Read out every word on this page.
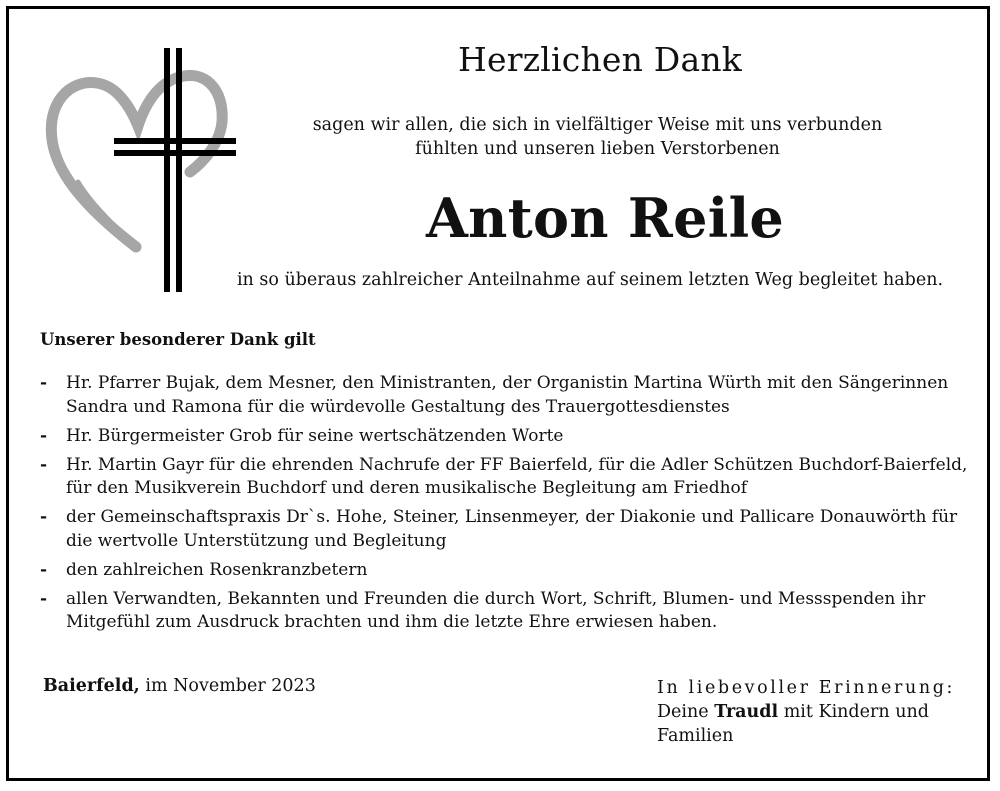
Herzlichen Dank
sagen wir allen, die sich in vielfältiger Weise mit uns verbunden
fühlten und unseren lieben Verstorbenen
Anton Reile
in so überaus zahlreicher Anteilnahme auf seinem letzten Weg begleitet haben.
Unserer besonderer Dank gilt
- Hr. Pfarrer Bujak, dem Mesner, den Ministranten, der Organistin Martina Würth mit den Sängerinnen Sandra und Ramona für die würdevolle Gestaltung des Trauergottesdienstes
- Hr. Bürgermeister Grob für seine wertschätzenden Worte
- Hr. Martin Gayr für die ehrenden Nachrufe der FF Baierfeld, für die Adler Schützen Buchdorf-Baierfeld, für den Musikverein Buchdorf und deren musikalische Begleitung am Friedhof
- der Gemeinschaftspraxis Dr`s. Hohe, Steiner, Linsenmeyer, der Diakonie und Pallicare Donauwörth für die wertvolle Unterstützung und Begleitung
- den zahlreichen Rosenkranzbetern
- allen Verwandten, Bekannten und Freunden die durch Wort, Schrift, Blumen- und Messspenden ihr Mitgefühl zum Ausdruck brachten und ihm die letzte Ehre erwiesen haben.
Baierfeld, im November 2023	In liebevoller Erinnerung:
Deine Traudl mit Kindern und
Familien
